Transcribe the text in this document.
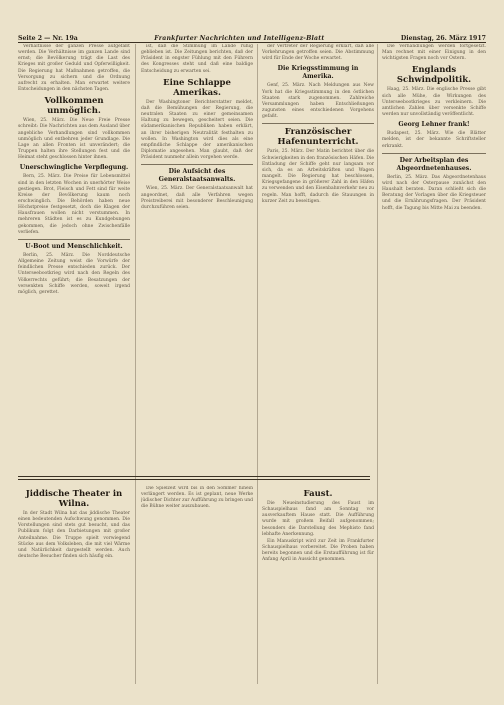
Seite 2 — Nr. 19a	Frankfurter Nachrichten und Intelligenz-Blatt	Dienstag, 26. März 1917

Verhältnisse der ganzen Presse aufgefaßt werden. Die Verhältnisse im ganzen Lande sind ernst; die Bevölkerung trägt die Last des Krieges mit großer Geduld und Opferwilligkeit. Die Regierung hat Maßnahmen getroffen, die Versorgung zu sichern und die Ordnung aufrecht zu erhalten. Man erwartet weitere Entscheidungen in den nächsten Tagen.

Vollkommen unmöglich.

Wien, 25. März. Die Neue Freie Presse schreibt: Die Nachrichten aus dem Ausland über angebliche Verhandlungen sind vollkommen unmöglich und entbehren jeder Grundlage. Die Lage an allen Fronten ist unverändert; die Truppen halten ihre Stellungen fest und die Heimat steht geschlossen hinter ihnen.

Unerschwingliche Verpflegung.

Bern, 25. März. Die Preise für Lebensmittel sind in den letzten Wochen in unerhörter Weise gestiegen. Brot, Fleisch und Fett sind für weite Kreise der Bevölkerung kaum noch erschwinglich. Die Behörden haben neue Höchstpreise festgesetzt, doch die Klagen der Hausfrauen wollen nicht verstummen. In mehreren Städten ist es zu Kundgebungen gekommen, die jedoch ohne Zwischenfälle verliefen.

U-Boot und Menschlichkeit.

Berlin, 25. März. Die Norddeutsche Allgemeine Zeitung weist die Vorwürfe der feindlichen Presse entschieden zurück. Der Unterseebootkrieg wird nach den Regeln des Völkerrechts geführt; die Besatzungen der versenkten Schiffe werden, soweit irgend möglich, gerettet.

ist, daß die Stimmung im Lande ruhig geblieben ist. Die Zeitungen berichten, daß der Präsident in engster Fühlung mit den Führern des Kongresses steht und daß eine baldige Entscheidung zu erwarten sei.

Eine Schlappe Amerikas.

Der Washingtoner Berichterstatter meldet, daß die Bemühungen der Regierung, die neutralen Staaten zu einer gemeinsamen Haltung zu bewegen, gescheitert seien. Die südamerikanischen Republiken haben erklärt, an ihrer bisherigen Neutralität festhalten zu wollen. In Washington wird dies als eine empfindliche Schlappe der amerikanischen Diplomatie angesehen. Man glaubt, daß der Präsident nunmehr allein vorgehen werde.

Die Aufsicht des Generalstaatsanwalts.

Wien, 25. März. Der Generalstaatsanwalt hat angeordnet, daß alle Verfahren wegen Preistreiberei mit besonderer Beschleunigung durchzuführen seien.

der Vertreter der Regierung erklärt, daß alle Vorkehrungen getroffen seien. Die Abstimmung wird für Ende der Woche erwartet.

Die Kriegsstimmung in Amerika.

Genf, 25. März. Nach Meldungen aus New York hat die Kriegsstimmung in den östlichen Staaten stark zugenommen. Zahlreiche Versammlungen haben Entschließungen zugunsten eines entschiedenen Vorgehens gefaßt.

Französischer Hafenunterricht.

Paris, 25. März. Der Matin berichtet über die Schwierigkeiten in den französischen Häfen. Die Entladung der Schiffe geht nur langsam vor sich, da es an Arbeitskräften und Wagen mangelt. Die Regierung hat beschlossen, Kriegsgefangene in größerer Zahl in den Häfen zu verwenden und den Eisenbahnverkehr neu zu regeln. Man hofft, dadurch die Stauungen in kurzer Zeit zu beseitigen.

Die Verhandlungen werden fortgesetzt. Man rechnet mit einer Einigung in den wichtigsten Fragen noch vor Ostern.

Englands Schwindpolitik.

Haag, 25. März. Die englische Presse gibt sich alle Mühe, die Wirkungen des Unterseebootkrieges zu verkleinern. Die amtlichen Zahlen über versenkte Schiffe werden nur unvollständig veröffentlicht.

Georg Lehner frank!

Budapest, 25. März. Wie die Blätter melden, ist der bekannte Schriftsteller erkrankt.

Der Arbeitsplan des Abgeordnetenhauses.

Berlin, 25. März. Das Abgeordnetenhaus wird nach der Osterpause zunächst den Haushalt beraten. Daran schließt sich die Beratung der Vorlagen über die Kriegsteuer und die Ernährungsfragen. Der Präsident hofft, die Tagung bis Mitte Mai zu beenden.

Jiddische Theater in Wilna.

In der Stadt Wilna hat das jiddische Theater einen bedeutenden Aufschwung genommen. Die Vorstellungen sind stets gut besucht, und das Publikum folgt den Darbietungen mit großer Anteilnahme. Die Truppe spielt vorwiegend Stücke aus dem Volksleben, die mit viel Wärme und Natürlichkeit dargestellt werden. Auch deutsche Besucher finden sich häufig ein.

Die Spielzeit wird bis in den Sommer hinein verlängert werden. Es ist geplant, neue Werke jüdischer Dichter zur Aufführung zu bringen und die Bühne weiter auszubauen.

Faust.

Die Neueinstudierung des Faust im Schauspielhaus fand am Sonntag vor ausverkauftem Hause statt. Die Aufführung wurde mit großem Beifall aufgenommen; besonders die Darstellung des Mephisto fand lebhafte Anerkennung.

Ein Manuskript wird zur Zeit im Frankfurter Schauspielhaus vorbereitet. Die Proben haben bereits begonnen und die Erstaufführung ist für Anfang April in Aussicht genommen.
